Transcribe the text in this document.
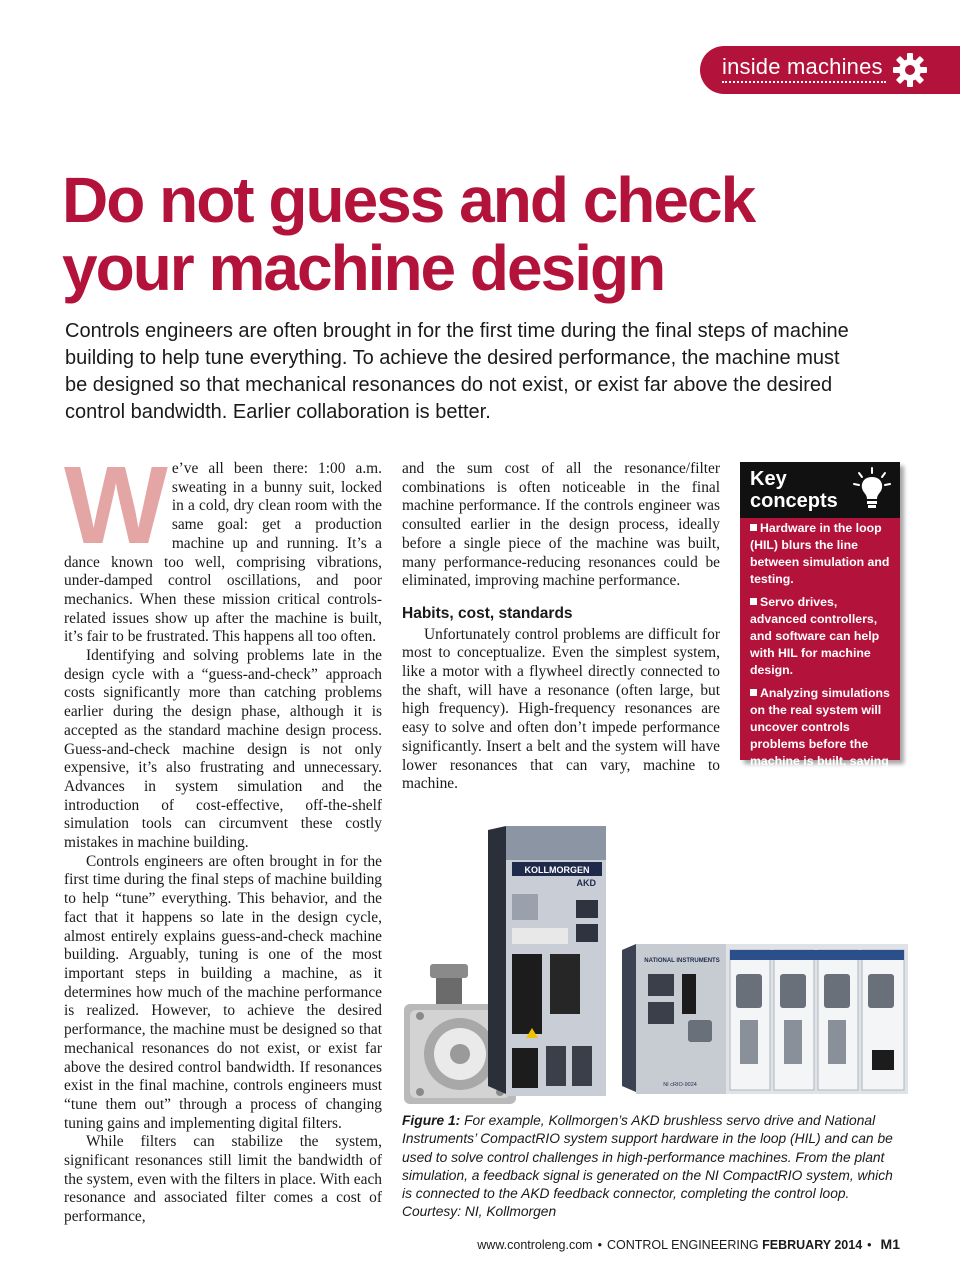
inside machines
Do not guess and check
your machine design
Controls engineers are often brought in for the first time during the final steps of machine building to help tune everything. To achieve the desired performance, the machine must be designed so that mechanical resonances do not exist, or exist far above the desired control bandwidth. Earlier collaboration is better.

We’ve all been there: 1:00 a.m. sweating in a bunny suit, locked in a cold, dry clean room with the same goal: get a production machine up and running. It’s a dance known too well, comprising vibrations, under-damped control oscillations, and poor mechanics. When these mission critical controls-related issues show up after the machine is built, it’s fair to be frustrated. This happens all too often.

Identifying and solving problems late in the design cycle with a “guess-and-check” approach costs significantly more than catching problems earlier during the design phase, although it is accepted as the standard machine design process. Guess-and-check machine design is not only expensive, it’s also frustrating and unnecessary. Advances in system simulation and the introduction of cost-effective, off-the-shelf simulation tools can circumvent these costly mistakes in machine building.

Controls engineers are often brought in for the first time during the final steps of machine building to help “tune” everything. This behavior, and the fact that it happens so late in the design cycle, almost entirely explains guess-and-check machine building. Arguably, tuning is one of the most important steps in building a machine, as it determines how much of the machine performance is realized. However, to achieve the desired performance, the machine must be designed so that mechanical resonances do not exist, or exist far above the desired control bandwidth. If resonances exist in the final machine, controls engineers must “tune them out” through a process of changing tuning gains and implementing digital filters.

While filters can stabilize the system, significant resonances still limit the bandwidth of the system, even with the filters in place. With each resonance and associated filter comes a cost of performance,

and the sum cost of all the resonance/filter combinations is often noticeable in the final machine performance. If the controls engineer was consulted earlier in the design process, ideally before a single piece of the machine was built, many performance-reducing resonances could be eliminated, improving machine performance.

Habits, cost, standards

Unfortunately control problems are difficult for most to conceptualize. Even the simplest system, like a motor with a flywheel directly connected to the shaft, will have a resonance (often large, but high frequency). High-frequency resonances are easy to solve and often don’t impede performance significantly. Insert a belt and the system will have lower resonances that can vary, machine to machine.

Key
concepts
Hardware in the loop (HIL) blurs the line between simulation and testing.
Servo drives, advanced controllers, and software can help with HIL for machine design.
Analyzing simulations on the real system will uncover controls problems before the machine is built, saving cost and time.
KOLLMORGEN
AKD
NATIONAL INSTRUMENTS
NI cRIO-9024
Figure 1: For example, Kollmorgen’s AKD brushless servo drive and National Instruments’ CompactRIO system support hardware in the loop (HIL) and can be used to solve control challenges in high-performance machines. From the plant simulation, a feedback signal is generated on the NI CompactRIO system, which is connected to the AKD feedback connector, completing the control loop. Courtesy: NI, Kollmorgen
www.controleng.com • CONTROL ENGINEERING FEBRUARY 2014 • M1
